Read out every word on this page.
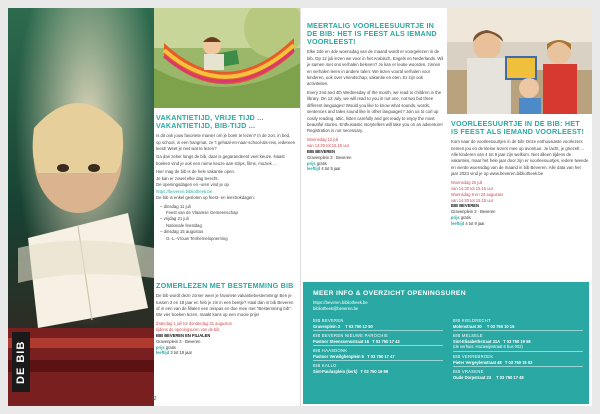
VAKANTIETIJD, VRIJE TIJD ... VAKANTIETIJD, BIB-TIJD ...

Is dit ook jouw favoriete manier om je boek te lezen? In de zon, in bed, op school, in een hangmat, ze 't gehaal-en-naar-school-als-reis, iedereen leest! Weet je niet wat te lezen?

Ga dan zeker langs de bib, daar is gegarandeerd veel keuze. Naast boeken vind je ook een ruime keuze aan strips, films, muziek ...

Hier mag de bib is de hele vakantie open.

Je kan er zowel elke dag terecht.

De openingsdagen en -uren vind je op

https://beveren.bibliotheek.be

De bib is enkel gesloten op feest- en leestrokdagen:

– dinsdag 11 juli
Feest van de Vlaamse Gemeenschap
– vrijdag 21 juli
Nationale feestdag
– dinsdag 15 augustus
O.-L.-Vrouw Tenhemelopneming
ZOMERLEZEN MET BESTEMMING BIB

De bib wordt deze zomer weer je favoriete vakantiebestemming! Ben je tussen 3 en 18 jaar en heb je zin in een beetje? Haal dan in bib Beveren of in een van de filialen een reispas en doe mee met "Bestemming bib". We vier boeken lezen, maakt kans op een mooie prijs!

Zaterdag 1 juli tot donderdag 31 augustus
tijdens de openingsuren van de bib
BIB BEVEREN EN FILIALEN
Gravenplein 3 · Beveren
prijs gratis
leeftijd 3 tot 18 jaar
DE BIB
72
MEERTALIG VOORLEESUURTJE IN DE BIB: HET IS FEEST ALS IEMAND VOORLEEST!

Elke 2de en 4de woensdag van de maand wordt er voorgelezen in de bib. Op 12 juli lezen we voor in het Arabisch, Engels en Nederlands. Wil je samen met ons verhalen beleven? Je kan er leuke woorden, zinnen en verhalen leren in andere talen. We lezen vooral verhalen voor kinderen, ook over vriendschap, vakantie en eten. Er zijn ook activiteiten.

Every 2nd and 4th Wednesday of the month, we read to children in the library. On 12 July, we will read to you in not one, not two but three different languages! Would you like to know what sounds, words, sentences and tales sound like in other languages? Join us to curl up cosily reading, attic, listen carefully and get ready to enjoy the most beautiful stories. Enthusiastic storytellers will take you on an adventure! Registration is not necessary.

Woensdag 12 juli
van 14.30 tot 15.15 uur
BIB BEVEREN
Gravenplein 3 · Beveren
prijs gratis
leeftijd 4 tot 9 jaar
VOORLEESUURTJE IN DE BIB: HET IS FEEST ALS IEMAND VOORLEEST!

Kom naar de voorleesuurtjes in de bib! Onze enthousiaste voorlezers nemen jou en de kleine lezers mee op avontuur. Je lacht, je griezelt ... Alle kinderen van 4 tot 9 jaar zijn welkom. Niet alleen tijdens de vakanties, maar het hele jaar door zijn er voorleesuurtjes, iedere tweede en vierde woensdag van de maand in bib Beveren. Alle data van het jaar 2023 vind je op www.beveren.bibliotheek.be

Woensdag 26 juli
van 14.30 tot 15.15 uur
Woensdag 9 en 23 augustus
van 14.30 tot 15.15 uur
BIB BEVEREN
Gravenplein 3 · Beveren
prijs gratis
leeftijd 4 tot 9 jaar
MEER INFO & OVERZICHT OPENINGSUREN
https://beveren.bibliotheek.be
bibliotheek@beveren.be
BIB BEVEREN
Gravenplein 3 T 03 750 12 50
BIB KIELDRECHT
Molenstraat 30 T 03 750 10 15
BIB BEVEREN NIEUWE PAROCHIE
Pastoor Steenssensstraat 16 T 03 750 17 43
BIB MELSELE
Sint-Elisabethstraat 31A T 03 750 19 56
(de verhuis: Hazawijnstraat 6 bus 002)
BIB HAASDONK
Pastoor Verwilghenplein 5 T 03 750 17 47	BIB VERREBROEK
Pieter Vergeylenstraat 48 T 03 750 15 02
BIB KALLO
Sint-Paulusplein (kerk) T 03 750 16 99	BIB VRASENE
Oude Dorpstraat 23 T 03 750 17 48
